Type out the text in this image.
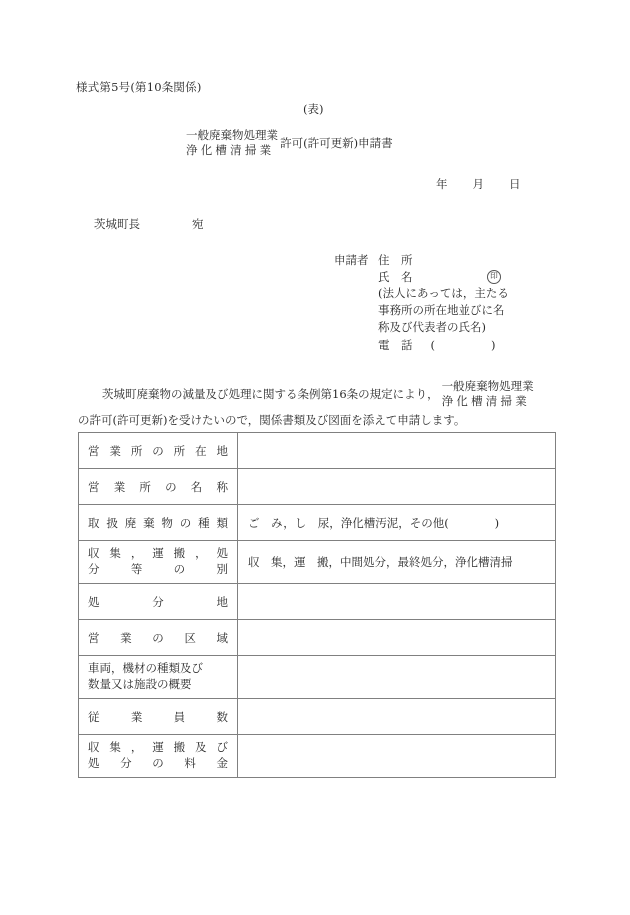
様式第5号(第10条関係)
(表)
一般廃棄物処理業
浄化槽清掃業 許可(許可更新)申請書
年 月 日
茨城町長	宛
申請者 住　所
氏　名	印
(法人にあっては，主たる
事務所の所在地並びに名
称及び代表者の氏名)
電　話 (　　　　)
茨城町廃棄物の減量及び処理に関する条例第16条の規定により，
一般廃棄物処理業
浄化槽清掃業
の許可(許可更新)を受けたいので，関係書類及び図面を添えて申請します。
営業所の所在地	

営業所の名称	

取扱廃棄物の種類	ご　み，し　尿，浄化槽汚泥，その他(　　　　)

収集，運搬，処
分等の別	収　集，運　搬，中間処分，最終処分，浄化槽清掃

処分地	

営業の区域	

車両，機材の種類及び
数量又は施設の概要	

従業員数	

収集，運搬及び
処分の料金	
